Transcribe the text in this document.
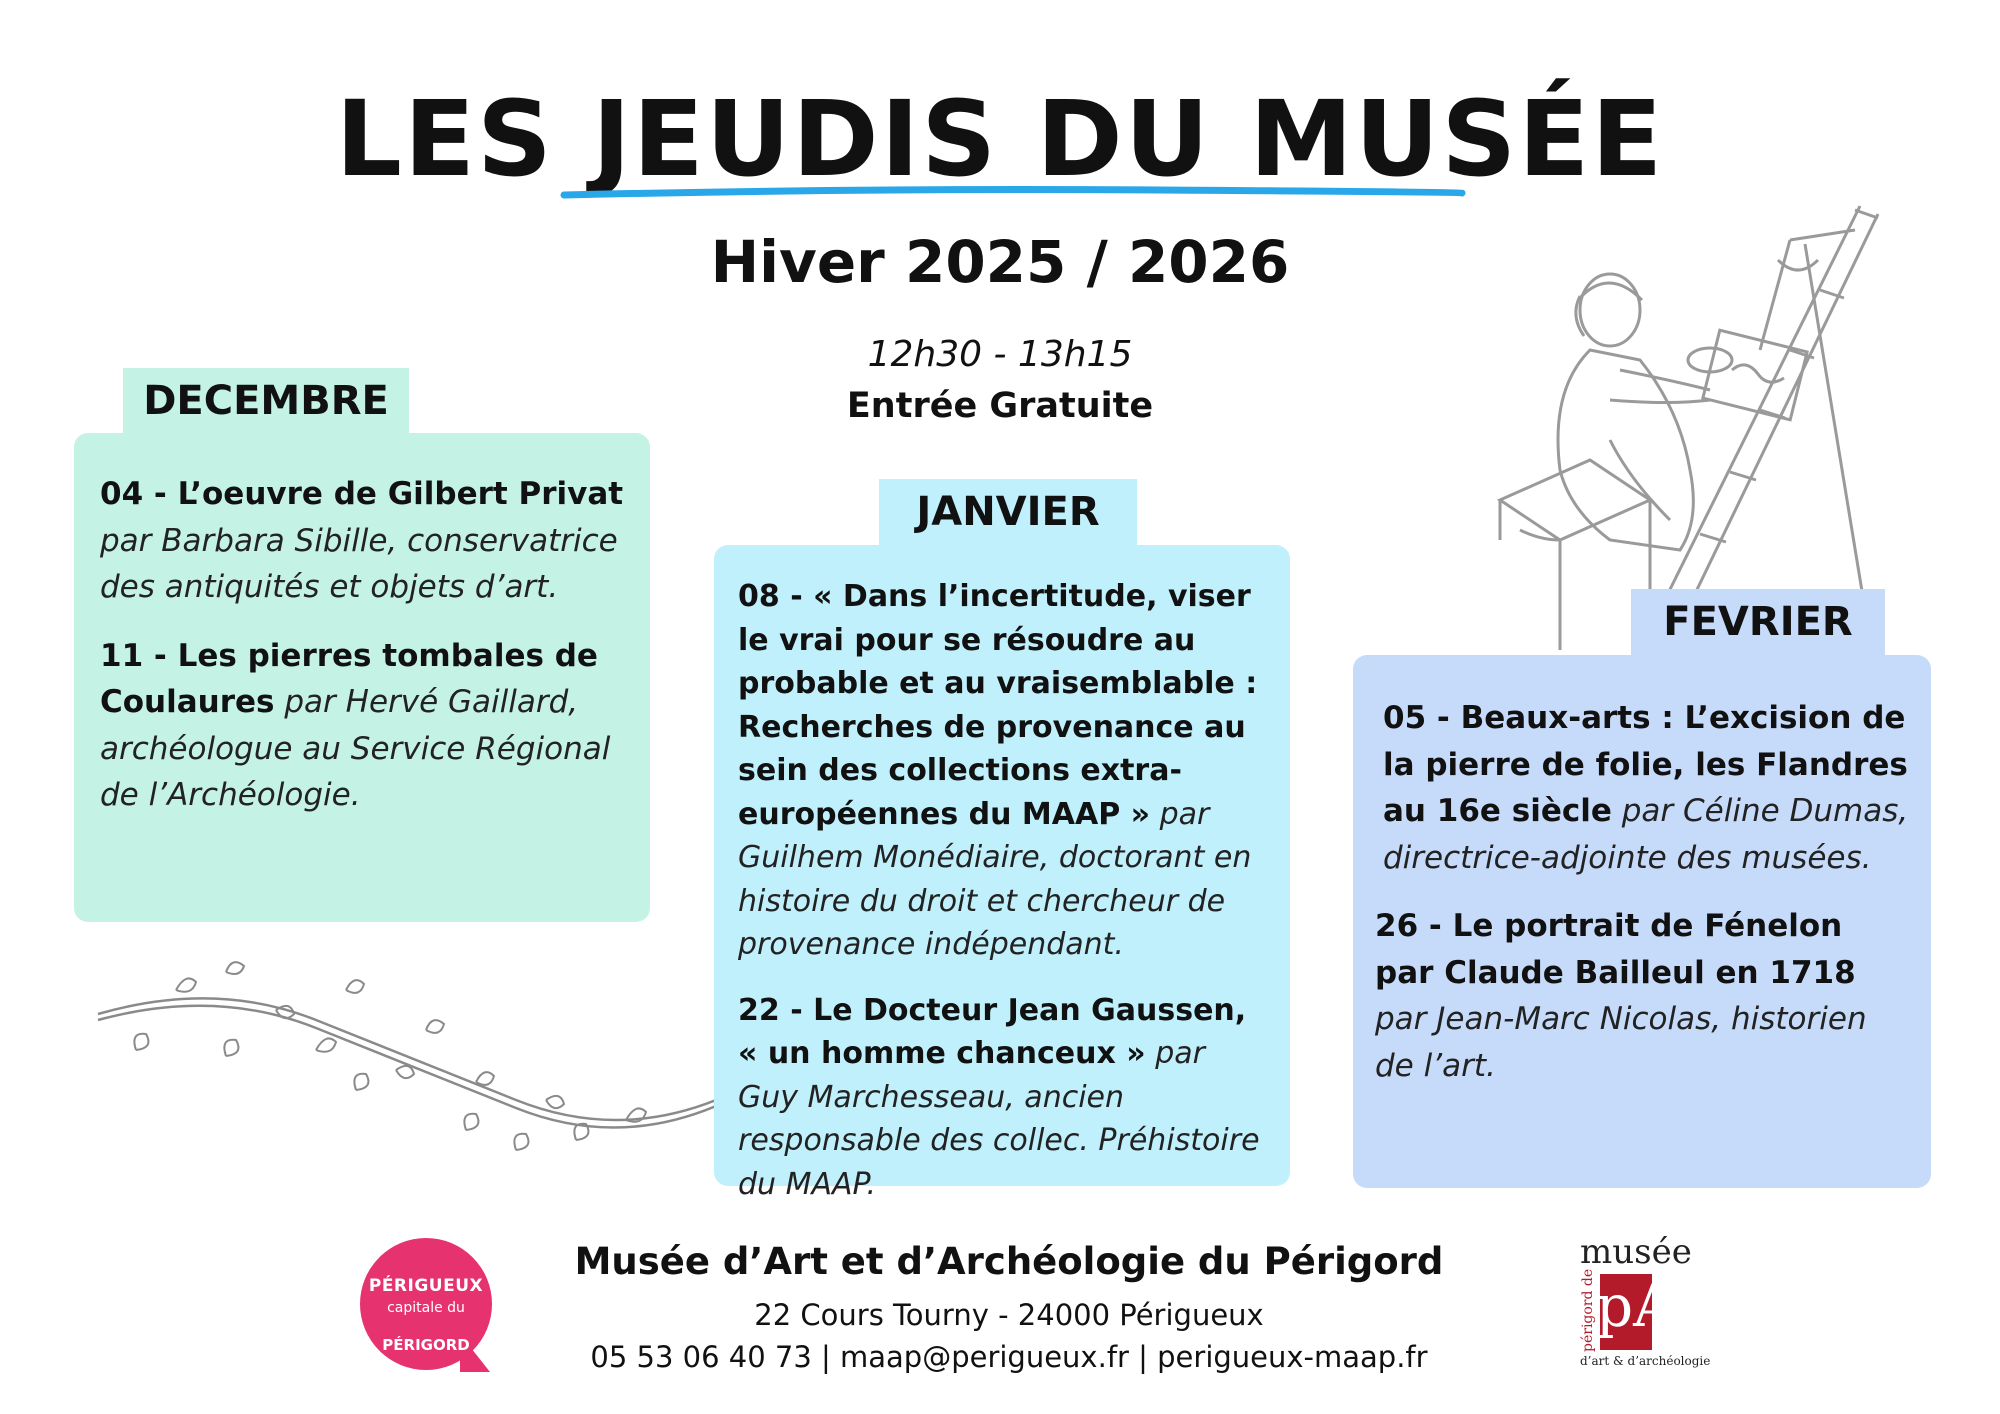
LES JEUDIS DU MUSÉE
Hiver 2025 / 2026
12h30 - 13h15
Entrée Gratuite
DECEMBRE

04 - L’oeuvre de Gilbert Privat par Barbara Sibille, conservatrice des antiquités et objets d’art.

11 - Les pierres tombales de Coulaures par Hervé Gaillard, archéologue au Service Régional de l’Archéologie.

JANVIER

08 - « Dans l’incertitude, viser le vrai pour se résoudre au probable et au vraisemblable : Recherches de provenance au sein des collections extra-européennes du MAAP » par Guilhem Monédiaire, doctorant en histoire du droit et chercheur de provenance indépendant.

22 - Le Docteur Jean Gaussen, « un homme chanceux » par Guy Marchesseau, ancien responsable des collec. Préhistoire du MAAP.

FEVRIER

05 - Beaux-arts : L’excision de la pierre de folie, les Flandres au 16e siècle par Céline Dumas, directrice-adjointe des musées.

26 - Le portrait de Fénelon par Claude Bailleul en 1718 par Jean-Marc Nicolas, historien de l’art.

PÉRIGUEUX
capitale du
PÉRIGORD
Musée d’Art et d’Archéologie du Périgord
22 Cours Tourny - 24000 Périgueux
05 53 06 40 73 | maap@perigueux.fr | perigueux-maap.fr
musée
pA
périgord de
d’art & d’archéologie
